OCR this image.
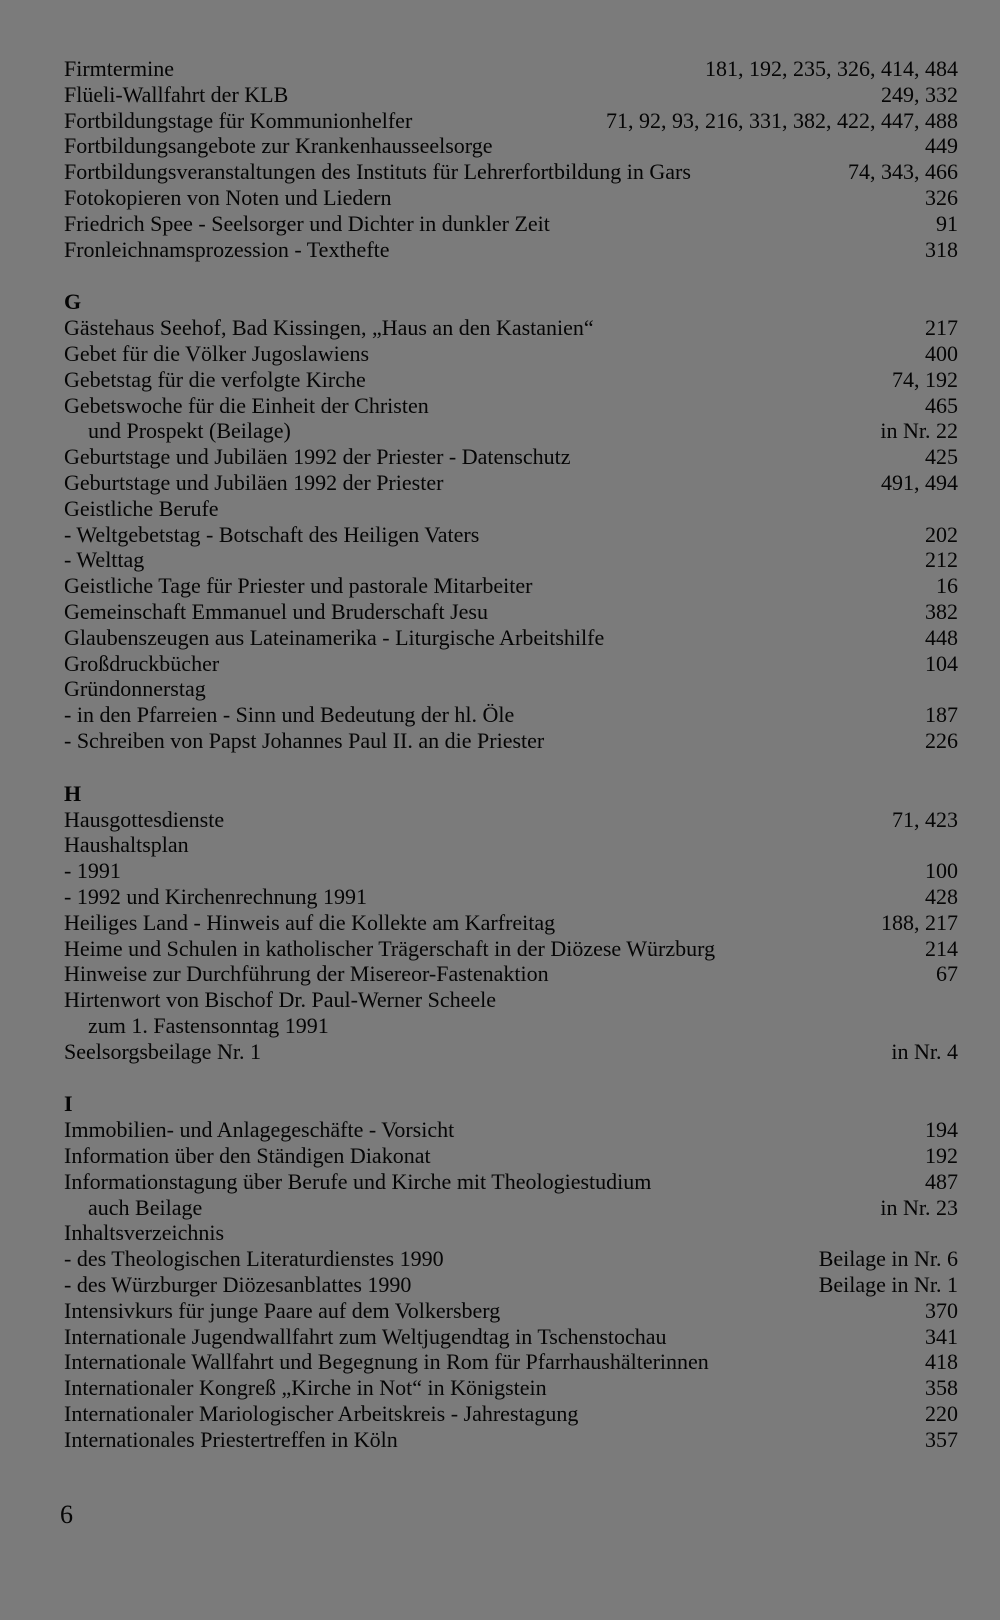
Firmtermine	181, 192, 235, 326, 414, 484
Flüeli-Wallfahrt der KLB	249, 332
Fortbildungstage für Kommunionhelfer	71, 92, 93, 216, 331, 382, 422, 447, 488
Fortbildungsangebote zur Krankenhausseelsorge	449
Fortbildungsveranstaltungen des Instituts für Lehrerfortbildung in Gars	74, 343, 466
Fotokopieren von Noten und Liedern	326
Friedrich Spee - Seelsorger und Dichter in dunkler Zeit	91
Fronleichnamsprozession - Texthefte	318
G
Gästehaus Seehof, Bad Kissingen, „Haus an den Kastanien“	217
Gebet für die Völker Jugoslawiens	400
Gebetstag für die verfolgte Kirche	74, 192
Gebetswoche für die Einheit der Christen	465
und Prospekt (Beilage)	in Nr. 22
Geburtstage und Jubiläen 1992 der Priester - Datenschutz	425
Geburtstage und Jubiläen 1992 der Priester	491, 494
Geistliche Berufe
- Weltgebetstag - Botschaft des Heiligen Vaters	202
- Welttag	212
Geistliche Tage für Priester und pastorale Mitarbeiter	16
Gemeinschaft Emmanuel und Bruderschaft Jesu	382
Glaubenszeugen aus Lateinamerika - Liturgische Arbeitshilfe	448
Großdruckbücher	104
Gründonnerstag
- in den Pfarreien - Sinn und Bedeutung der hl. Öle	187
- Schreiben von Papst Johannes Paul II. an die Priester	226
H
Hausgottesdienste	71, 423
Haushaltsplan
- 1991	100
- 1992 und Kirchenrechnung 1991	428
Heiliges Land - Hinweis auf die Kollekte am Karfreitag	188, 217
Heime und Schulen in katholischer Trägerschaft in der Diözese Würzburg	214
Hinweise zur Durchführung der Misereor-Fastenaktion	67
Hirtenwort von Bischof Dr. Paul-Werner Scheele
zum 1. Fastensonntag 1991
Seelsorgsbeilage Nr. 1	in Nr. 4
I
Immobilien- und Anlagegeschäfte - Vorsicht	194
Information über den Ständigen Diakonat	192
Informationstagung über Berufe und Kirche mit Theologiestudium	487
auch Beilage	in Nr. 23
Inhaltsverzeichnis
- des Theologischen Literaturdienstes 1990	Beilage in Nr. 6
- des Würzburger Diözesanblattes 1990	Beilage in Nr. 1
Intensivkurs für junge Paare auf dem Volkersberg	370
Internationale Jugendwallfahrt zum Weltjugendtag in Tschenstochau	341
Internationale Wallfahrt und Begegnung in Rom für Pfarrhaushälterinnen	418
Internationaler Kongreß „Kirche in Not“ in Königstein	358
Internationaler Mariologischer Arbeitskreis - Jahrestagung	220
Internationales Priestertreffen in Köln	357
6
